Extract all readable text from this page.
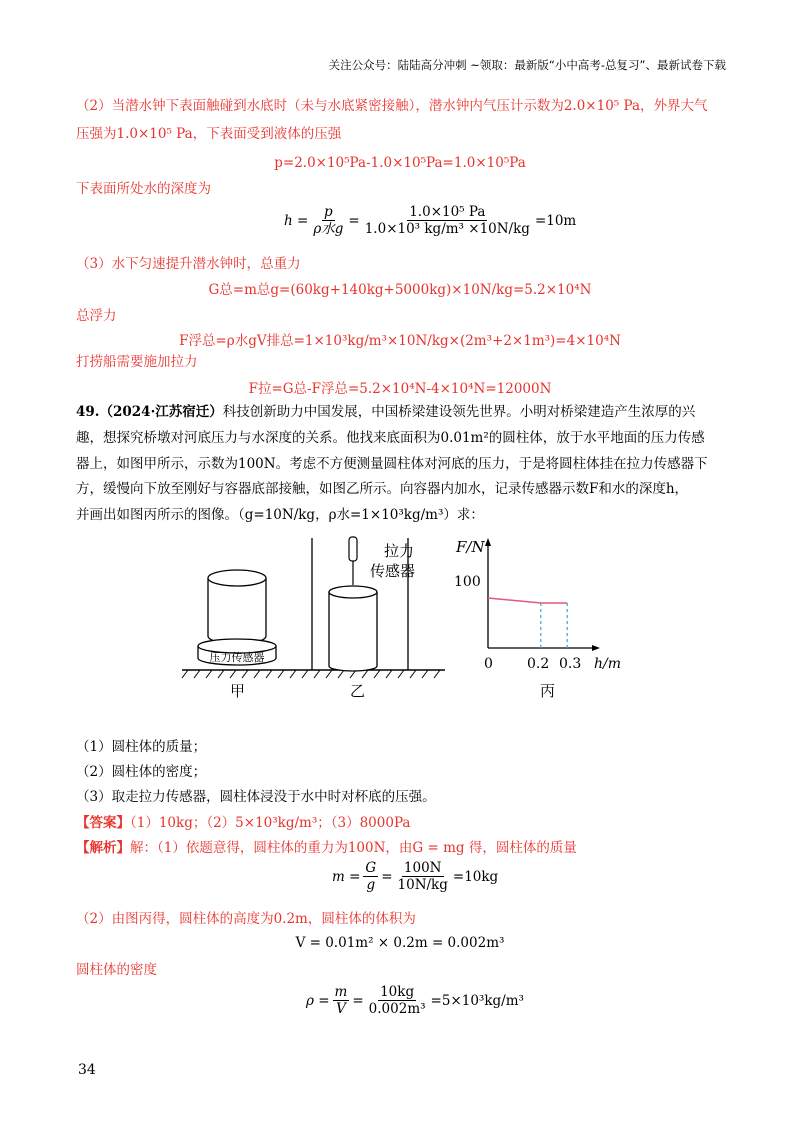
关注公众号：陆陆高分冲刺 ~领取：最新版“小中高考-总复习”、最新试卷下载
（2）当潜水钟下表面触碰到水底时（未与水底紧密接触），潜水钟内气压计示数为2.0×10⁵ Pa，外界大气
压强为1.0×10⁵ Pa，下表面受到液体的压强
p=2.0×10⁵Pa-1.0×10⁵Pa=1.0×10⁵Pa
下表面所处水的深度为
$h = \frac{p}{\text{ρ水g}} = \frac{\text{1.0×10⁵ Pa}}{\text{1.0×10³ kg/m³ ×10N/kg}} =10m$
（3）水下匀速提升潜水钟时，总重力
G总=m总g=(60kg+140kg+5000kg)×10N/kg=5.2×10⁴N
总浮力
F浮总=ρ水gV排总=1×10³kg/m³×10N/kg×(2m³+2×1m³)=4×10⁴N
打捞船需要施加拉力
F拉=G总-F浮总=5.2×10⁴N-4×10⁴N=12000N
49.（2024·江苏宿迁）科技创新助力中国发展，中国桥梁建设领先世界。小明对桥梁建造产生浓厚的兴
趣，想探究桥墩对河底压力与水深度的关系。他找来底面积为0.01m²的圆柱体，放于水平地面的压力传感
器上，如图甲所示，示数为100N。考虑不方便测量圆柱体对河底的压力，于是将圆柱体挂在拉力传感器下
方，缓慢向下放至刚好与容器底部接触，如图乙所示。向容器内加水，记录传感器示数F和水的深度h，
并画出如图丙所示的图像。（g=10N/kg，ρ水=1×10³kg/m³）求：
压力传感器
拉力
传感器
甲	乙	丙
F/N
h/m
100
0 0.2 0.3
（1）圆柱体的质量；
（2）圆柱体的密度；
（3）取走拉力传感器，圆柱体浸没于水中时对杯底的压强。
【答案】（1）10kg；（2）5×10³kg/m³；（3）8000Pa
【解析】解：（1）依题意得，圆柱体的重力为100N，由G = mg 得，圆柱体的质量
$m = \frac{G}{g} = \frac{100N}{10N/kg} =10kg$
（2）由图丙得，圆柱体的高度为0.2m，圆柱体的体积为
V = 0.01m² × 0.2m = 0.002m³
圆柱体的密度
$\rho = \frac{m}{V} = \frac{10kg}{\text{0.002m³}} =5\times 10^3kg/m^3$
34
